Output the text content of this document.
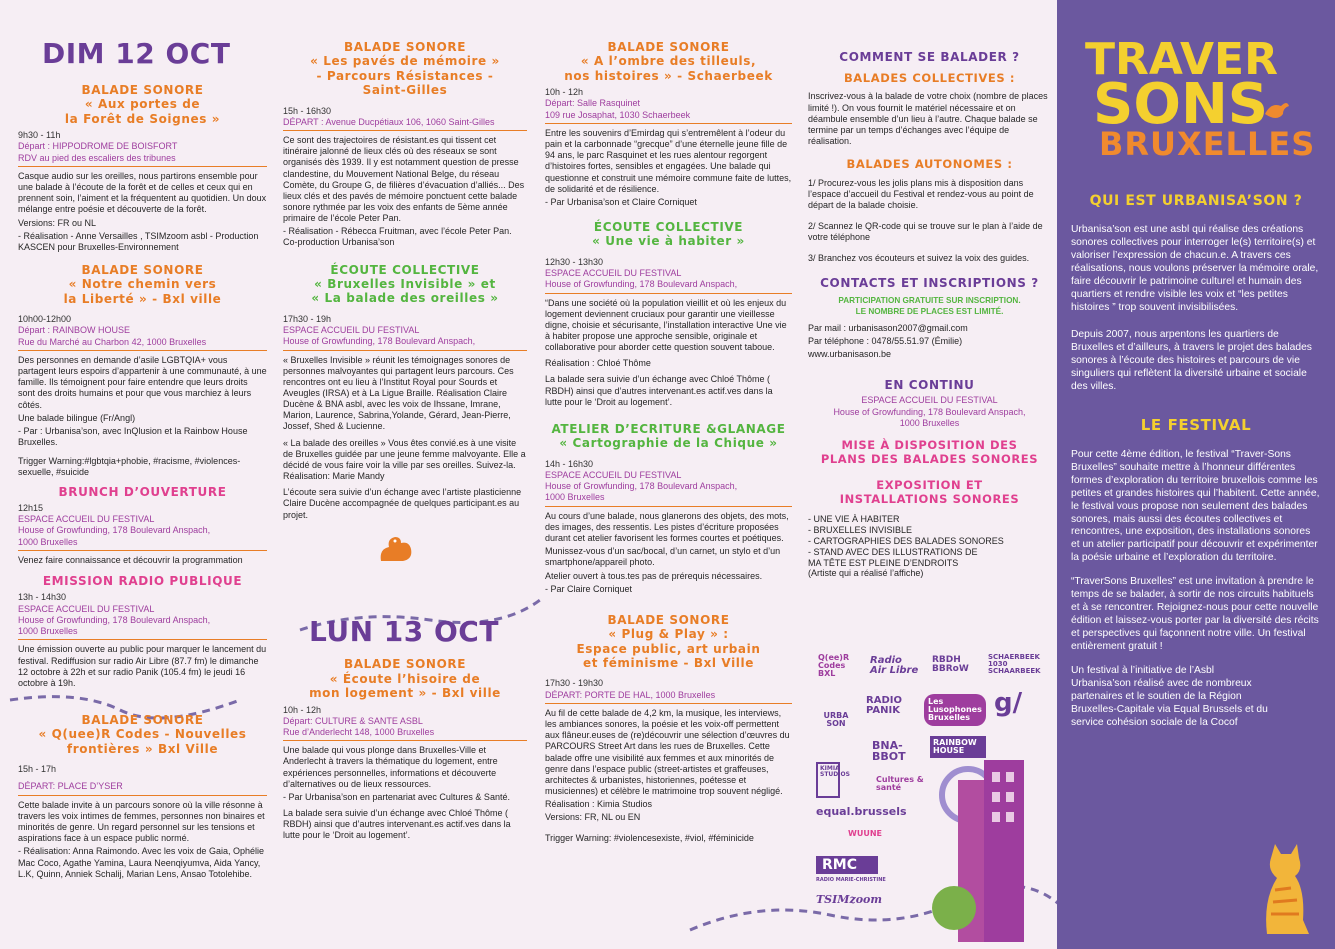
DIM 12 OCT
BALADE SONORE
« Aux portes de
la Forêt de Soignes »
9h30 - 11h
Départ : HIPPODROME DE BOISFORT
RDV au pied des escaliers des tribunes
Casque audio sur les oreilles, nous partirons ensemble pour une balade à l’écoute de la forêt et de celles et ceux qui en prennent soin, l’aiment et la fréquentent au quotidien. Un doux mélange entre poésie et découverte de la forêt.
Versions: FR ou NL
- Réalisation - Anne Versailles , TSIMzoom asbl - Production KASCEN pour Bruxelles-Environnement
BALADE SONORE
« Notre chemin vers
la Liberté » - Bxl ville
10h00-12h00
Départ : RAINBOW HOUSE
Rue du Marché au Charbon 42, 1000 Bruxelles
Des personnes en demande d’asile LGBTQIA+ vous partagent leurs espoirs d’appartenir à une communauté, à une famille. Ils témoignent pour faire entendre que leurs droits sont des droits humains et pour que vous marchiez à leurs côtés.
Une balade bilingue (Fr/Angl)
- Par : Urbanisa’son, avec InQlusion et la Rainbow House Bruxelles.
Trigger Warning:#lgbtqia+phobie, #racisme, #violences-sexuelle, #suicide
BRUNCH D’OUVERTURE
12h15
ESPACE ACCUEIL DU FESTIVAL
House of Growfunding, 178 Boulevard Anspach,
1000 Bruxelles
Venez faire connaissance et découvrir la programmation
EMISSION RADIO PUBLIQUE
13h - 14h30
ESPACE ACCUEIL DU FESTIVAL
House of Growfunding, 178 Boulevard Anspach,
1000 Bruxelles
Une émission ouverte au public pour marquer le lancement du festival. Rediffusion sur radio Air Libre (87.7 fm) le dimanche 12 octobre à 22h et sur radio Panik (105.4 fm) le jeudi 16 octobre à 19h.
BALADE SONORE
« Q(uee)R Codes - Nouvelles
frontières » Bxl Ville
15h - 17h
DÉPART: PLACE D’YSER
Cette balade invite à un parcours sonore où la ville résonne à travers les voix intimes de femmes, personnes non binaires et minorités de genre. Un regard personnel sur les tensions et aspirations face à un espace public normé.
- Réalisation: Anna Raimondo. Avec les voix de Gaia, Ophélie Mac Coco, Agathe Yamina, Laura Neenqiyumva, Aida Yancy, L.K, Quinn, Anniek Schalij, Marian Lens, Ansao Totolehibe.
BALADE SONORE
« Les pavés de mémoire »
- Parcours Résistances -
Saint-Gilles
15h - 16h30
DÉPART : Avenue Ducpétiaux 106, 1060 Saint-Gilles
Ce sont des trajectoires de résistant.es qui tissent cet itinéraire jalonné de lieux clés où des réseaux se sont organisés dès 1939. Il y est notamment question de presse clandestine, du Mouvement National Belge, du réseau Comète, du Groupe G, de filières d’évacuation d’alliés... Des lieux clés et des pavés de mémoire ponctuent cette balade sonore rythmée par les voix des enfants de 5ème année primaire de l’école Peter Pan.
- Réalisation - Rébecca Fruitman, avec l’école Peter Pan. Co-production Urbanisa’son
ÉCOUTE COLLECTIVE
« Bruxelles Invisible » et
« La balade des oreilles »
17h30 - 19h
ESPACE ACCUEIL DU FESTIVAL
House of Growfunding, 178 Boulevard Anspach,
« Bruxelles Invisible » réunit les témoignages sonores de personnes malvoyantes qui partagent leurs parcours. Ces rencontres ont eu lieu à l’Institut Royal pour Sourds et Aveugles (IRSA) et à La Ligue Braille. Réalisation Claire Ducène & BNA asbl, avec les voix de Ihssane, Imrane, Marion, Laurence, Sabrina,Yolande, Gérard, Jean-Pierre, Jossef, Shed & Lucienne.
« La balade des oreilles » Vous êtes convié.es à une visite de Bruxelles guidée par une jeune femme malvoyante. Elle a décidé de vous faire voir la ville par ses oreilles. Suivez-la. Réalisation: Marie Mandy
L’écoute sera suivie d’un échange avec l’artiste plasticienne Claire Ducène accompagnée de quelques participant.es au projet.
LUN 13 OCT
BALADE SONORE
« Écoute l’hisoire de
mon logement » - Bxl ville
10h - 12h
Départ: CULTURE & SANTE ASBL
Rue d’Anderlecht 148, 1000 Bruxelles
Une balade qui vous plonge dans Bruxelles-Ville et Anderlecht à travers la thématique du logement, entre expériences personnelles, informations et découverte d’alternatives ou de lieux ressources.
- Par Urbanisa’son en partenariat avec Cultures & Santé.
La balade sera suivie d’un échange avec Chloé Thôme ( RBDH) ainsi que d’autres intervenant.es actif.ves dans la lutte pour le ‘Droit au logement’.
BALADE SONORE
« A l’ombre des tilleuls,
nos histoires » - Schaerbeek
10h - 12h
Départ: Salle Rasquinet
109 rue Josaphat, 1030 Schaerbeek
Entre les souvenirs d’Emirdag qui s’entremêlent à l’odeur du pain et la carbonnade “grecque” d’une éternelle jeune fille de 94 ans, le parc Rasquinet et les rues alentour regorgent d’histoires fortes, sensibles et engagées. Une balade qui questionne et construit une mémoire commune faite de luttes, de solidarité et de résilience.
- Par Urbanisa’son et Claire Corniquet
ÉCOUTE COLLECTIVE
« Une vie à habiter »
12h30 - 13h30
ESPACE ACCUEIL DU FESTIVAL
House of Growfunding, 178 Boulevard Anspach,
“Dans une société où la population vieillit et où les enjeux du logement deviennent cruciaux pour garantir une vieillesse digne, choisie et sécurisante, l’installation interactive Une vie à habiter propose une approche sensible, originale et collaborative pour aborder cette question souvent taboue.
Réalisation : Chloé Thôme
La balade sera suivie d’un échange avec Chloé Thôme ( RBDH) ainsi que d’autres intervenant.es actif.ves dans la lutte pour le ‘Droit au logement’.
ATELIER D’ECRITURE &GLANAGE
« Cartographie de la Chique »
14h - 16h30
ESPACE ACCUEIL DU FESTIVAL
House of Growfunding, 178 Boulevard Anspach,
1000 Bruxelles
Au cours d’une balade, nous glanerons des objets, des mots, des images, des ressentis. Les pistes d’écriture proposées durant cet atelier favorisent les formes courtes et poétiques.
Munissez-vous d’un sac/bocal, d’un carnet, un stylo et d’un smartphone/appareil photo.
Atelier ouvert à tous.tes pas de prérequis nécessaires.
- Par Claire Corniquet
BALADE SONORE
« Plug & Play » :
Espace public, art urbain
et féminisme - Bxl Ville
17h30 - 19h30
DÉPART: PORTE DE HAL, 1000 Bruxelles
Au fil de cette balade de 4,2 km, la musique, les interviews, les ambiances sonores, la poésie et les voix-off permettent aux flâneur.euses de (re)découvrir une sélection d’œuvres du PARCOURS Street Art dans les rues de Bruxelles. Cette balade offre une visibilité aux femmes et aux minorités de genre dans l’espace public (street-artistes et graffeuses, architectes & urbanistes, historiennes, poétesse et musiciennes) et célèbre le matrimoine trop souvent négligé.
Réalisation : Kimia Studios
Versions: FR, NL ou EN
Trigger Warning: #violencesexiste, #viol, #féminicide
COMMENT SE BALADER ?
BALADES COLLECTIVES :
Inscrivez-vous à la balade de votre choix (nombre de places limité !). On vous fournit le matériel nécessaire et on déambule ensemble d’un lieu à l’autre. Chaque balade se termine par un temps d’échanges avec l’équipe de réalisation.
BALADES AUTONOMES :
1/ Procurez-vous les jolis plans mis à disposition dans l’espace d’accueil du Festival et rendez-vous au point de départ de la balade choisie.
2/ Scannez le QR-code qui se trouve sur le plan à l’aide de votre téléphone
3/ Branchez vos écouteurs et suivez la voix des guides.
CONTACTS ET INSCRIPTIONS ?
PARTICIPATION GRATUITE SUR INSCRIPTION.
LE NOMBRE DE PLACES EST LIMITÉ.
Par mail : urbanisason2007@gmail.com
Par téléphone : 0478/55.51.97 (Émilie)
www.urbanisason.be
EN CONTINU
ESPACE ACCUEIL DU FESTIVAL
House of Growfunding, 178 Boulevard Anspach,
1000 Bruxelles
MISE À DISPOSITION DES
PLANS DES BALADES SONORES
EXPOSITION ET
INSTALLATIONS SONORES
- UNE VIE À HABITER
- BRUXELLES INVISIBLE
- CARTOGRAPHIES DES BALADES SONORES
- STAND AVEC DES ILLUSTRATIONS DE
MA TÊTE EST PLEINE D’ENDROITS
(Artiste qui a réalisé l’affiche)
Q(ee)R Codes BXL
Radio Air Libre
RBDH BBRoW
SCHAERBEEK 1030 SCHAARBEEK
RADIO PANIK
Les Lusophones Bruxelles g/
URBA SON
BNA-BBOT
RAINBOW HOUSE
KIMIA STUDIOS
Cultures & santé
equal.brussels
WUUNE
RMC
RADIO MARIE-CHRISTINE
TSIMzoom
TRAVER
SONS
BRUXELLES
QUI EST URBANISA’SON ?
Urbanisa’son est une asbl qui réalise des créations sonores collectives pour interroger le(s) territoire(s) et valoriser l’expression de chacun.e. A travers ces réalisations, nous voulons préserver la mémoire orale, faire découvrir le patrimoine culturel et humain des quartiers et rendre visible les voix et “les petites histoires ” trop souvent invisibilisées.
Depuis 2007, nous arpentons les quartiers de Bruxelles et d’ailleurs, à travers le projet des balades sonores à l’écoute des histoires et parcours de vie singuliers qui reflètent la diversité urbaine et sociale des villes.
LE FESTIVAL
Pour cette 4ème édition, le festival “Traver-Sons Bruxelles” souhaite mettre à l’honneur différentes formes d’exploration du territoire bruxellois comme les petites et grandes histoires qui l’habitent. Cette année, le festival vous propose non seulement des balades sonores, mais aussi des écoutes collectives et rencontres, une exposition, des installations sonores et un atelier participatif pour découvrir et expérimenter la poésie urbaine et l’exploration du territoire.
“TraverSons Bruxelles” est une invitation à prendre le temps de se balader, à sortir de nos circuits habituels et à se rencontrer. Rejoignez-nous pour cette nouvelle édition et laissez-vous porter par la diversité des récits et perspectives qui façonnent notre ville. Un festival entièrement gratuit !
Un festival à l’initiative de l’Asbl Urbanisa’son réalisé avec de nombreux partenaires et le soutien de la Région Bruxelles-Capitale via Equal Brussels et du service cohésion sociale de la Cocof
